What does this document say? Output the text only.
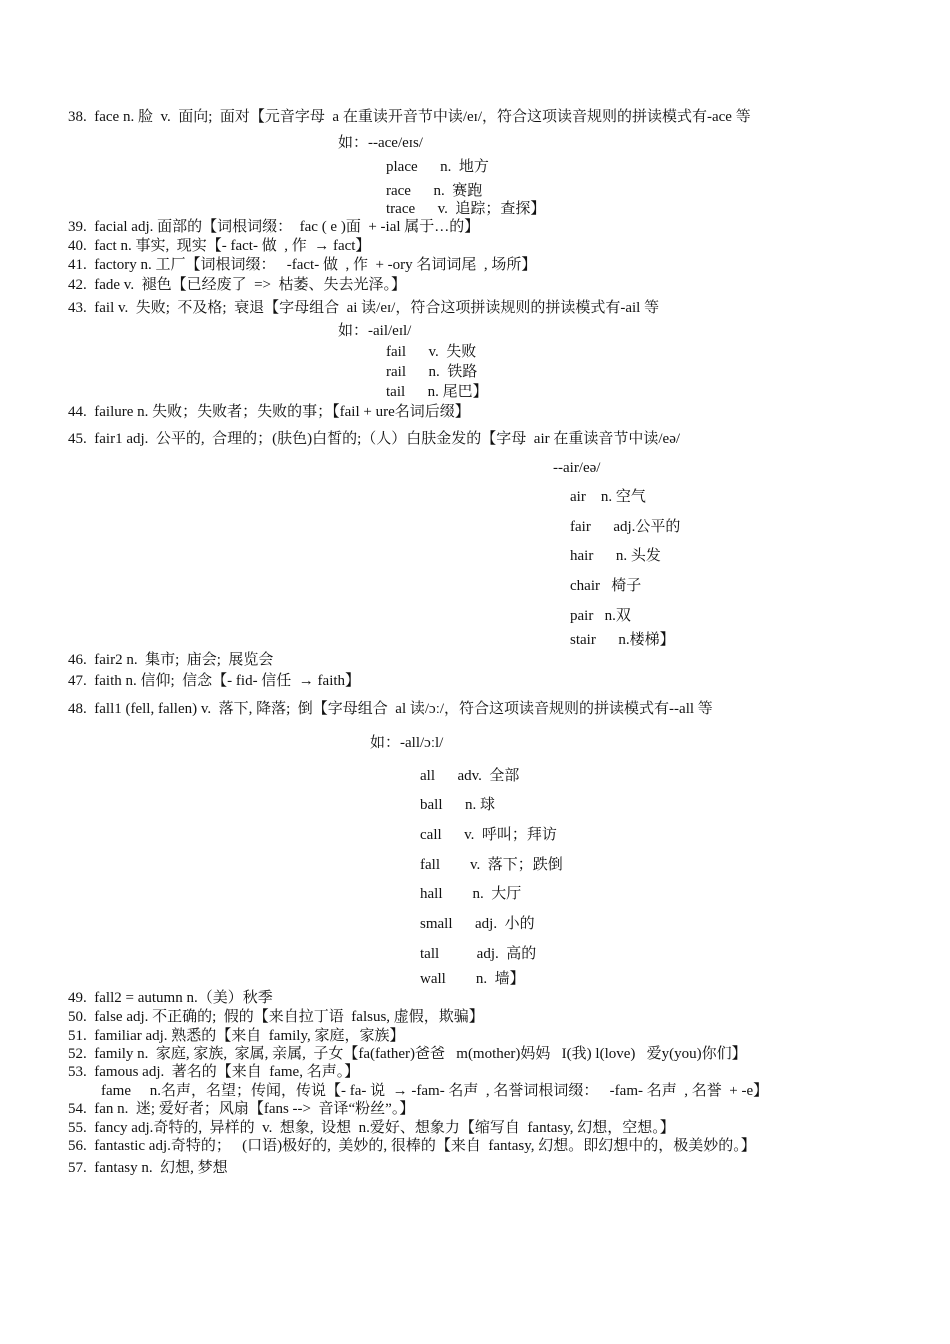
38.  face n. 脸  v.  面向;  面对【元音字母  a 在重读开音节中读/eɪ/，符合这项读音规则的拼读模式有-ace 等
如：--ace/eɪs/
place      n.  地方
race      n.  赛跑
trace      v.  追踪；查探】
39.  facial adj. 面部的【词根词缀：  fac ( e )面  + -ial 属于…的】
40.  fact n. 事实,  现实【- fact- 做  , 作  → fact】
41.  factory n. 工厂【词根词缀：   -fact- 做  , 作  + -ory 名词词尾  , 场所】
42.  fade v.  褪色【已经废了  =>  枯萎、失去光泽。】
43.  fail v.  失败;  不及格;  衰退【字母组合  ai 读/eɪ/，符合这项拼读规则的拼读模式有-ail 等
如：-ail/eɪl/
fail      v.  失败
rail      n.  铁路
tail      n. 尾巴】
44.  failure n. 失败；失败者；失败的事；【fail + ure名词后缀】
45.  fair1 adj.  公平的,  合理的；(肤色)白皙的;（人）白肤金发的【字母  air 在重读音节中读/eə/
--air/eə/
air    n. 空气
fair      adj.公平的
hair      n. 头发
chair   椅子
pair   n.双
stair      n.楼梯】
46.  fair2 n.  集市;  庙会;  展览会
47.  faith n. 信仰;  信念【- fid- 信任  → faith】
48.  fall1 (fell, fallen) v.  落下, 降落;  倒【字母组合  al 读/ɔː/，符合这项读音规则的拼读模式有--all 等
如：-all/ɔːl/
all      adv.  全部
ball      n. 球
call      v.  呼叫；拜访
fall        v.  落下；跌倒
hall        n.  大厅
small      adj.  小的
tall          adj.  高的
wall        n.  墙】
49.  fall2 = autumn n.（美）秋季
50.  false adj. 不正确的;  假的【来自拉丁语  falsus, 虚假，欺骗】
51.  familiar adj. 熟悉的【来自  family, 家庭，家族】
52.  family n.  家庭, 家族,  家属, 亲属,  子女【fa(father)爸爸   m(mother)妈妈   I(我) l(love)   爱y(you)你们】
53.  famous adj.  著名的【来自  fame, 名声。】
fame     n.名声，名望；传闻，传说【- fa- 说  → -fam- 名声  , 名誉词根词缀：   -fam- 名声  , 名誉  + -e】
54.  fan n.  迷; 爱好者；风扇【fans -->  音译“粉丝”。】
55.  fancy adj.奇特的,  异样的  v.  想象,  设想  n.爱好、想象力【缩写自  fantasy, 幻想，空想。】
56.  fantastic adj.奇特的；   (口语)极好的,  美妙的, 很棒的【来自  fantasy, 幻想。即幻想中的，极美妙的。】
57.  fantasy n.  幻想, 梦想
